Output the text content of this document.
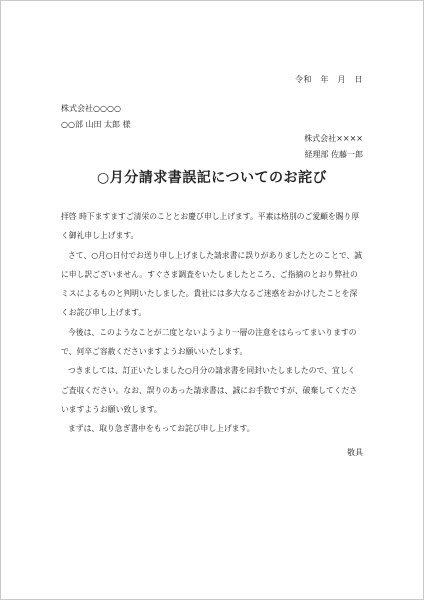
令和　年　月　日
株式会社○○○○
○○部 山田 太郎 様
株式会社××××
経理部 佐藤一郎
○月分請求書誤記についてのお詫び

拝啓 時下ますますご清栄のこととお慶び申し上げます。平素は格別のご愛顧を賜り厚く御礼申し上げます。

さて、○月○日付でお送り申し上げました請求書に誤りがありましたとのことで、誠に申し訳ございません。すぐさま調査をいたしましたところ、ご指摘のとおり弊社のミスによるものと判明いたしました。貴社には多大なるご迷惑をおかけしたことを深くお詫び申し上げます。

今後は、このようなことが二度とないようより一層の注意をはらってまいりますので、何卒ご容赦くださいますようお願いいたします。

つきましては、訂正いたしました○月分の請求書を同封いたしましたので、宜しくご査収ください。なお、誤りのあった請求書は、誠にお手数ですが、破棄してくださいますようお願い致します。

まずは、取り急ぎ書中をもってお詫び申し上げます。

敬具
